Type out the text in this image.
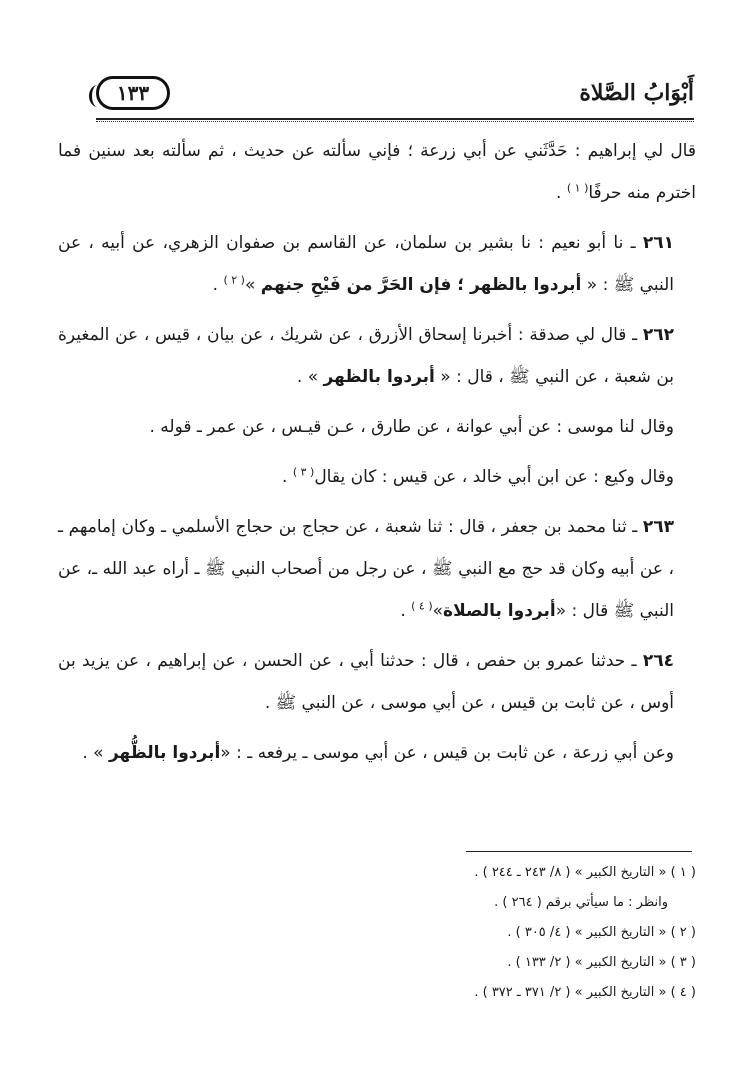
أَبْوَابُ الصَّلاة
١٣٣

قال لي إبراهيم : حَدَّثَني عن أبي زرعة ؛ فإني سألته عن حديث ، ثم سألته بعد سنين فما اخترم منه حرفًا$^{( ١ )}$ .

٢٦١ ـ نا أبو نعيم : نا بشير بن سلمان، عن القاسم بن صفوان الزهري، عن أبيه ، عن النبي ﷺ : « أبردوا بالظهر ؛ فإن الحَرَّ من فَيْحِ جنهم »$^{( ٢ )}$ .

٢٦٢ ـ قال لي صدقة : أخبرنا إسحاق الأزرق ، عن شريك ، عن بيان ، قيس ، عن المغيرة بن شعبة ، عن النبي ﷺ ، قال : « أبردوا بالظهر » .

وقال لنا موسى : عن أبي عوانة ، عن طارق ، عـن قيـس ، عن عمر ـ قوله .

وقال وكيع : عن ابن أبي خالد ، عن قيس : كان يقال$^{( ٣ )}$ .

٢٦٣ ـ ثنا محمد بن جعفر ، قال : ثنا شعبة ، عن حجاج بن حجاج الأسلمي ـ وكان إمامهم ـ ، عن أبيه وكان قد حج مع النبي ﷺ ، عن رجل من أصحاب النبي ﷺ ـ أراه عبد الله ـ، عن النبي ﷺ قال : «أبردوا بالصلاة»$^{( ٤ )}$ .

٢٦٤ ـ حدثنا عمرو بن حفص ، قال : حدثنا أبي ، عن الحسن ، عن إبراهيم ، عن يزيد بن أوس ، عن ثابت بن قيس ، عن أبي موسى ، عن النبي ﷺ .

وعن أبي زرعة ، عن ثابت بن قيس ، عن أبي موسى ـ يرفعه ـ : «أبردوا بالظُّهر » .

( ١ ) « التاريخ الكبير » ( ٨/ ٢٤٣ ـ ٢٤٤ ) .
وانظر : ما سيأتي برقم ( ٢٦٤ ) .
( ٢ ) « التاريخ الكبير » ( ٤/ ٣٠٥ ) .
( ٣ ) « التاريخ الكبير » ( ٢/ ١٣٣ ) .
( ٤ ) « التاريخ الكبير » ( ٢/ ٣٧١ ـ ٣٧٢ ) .
